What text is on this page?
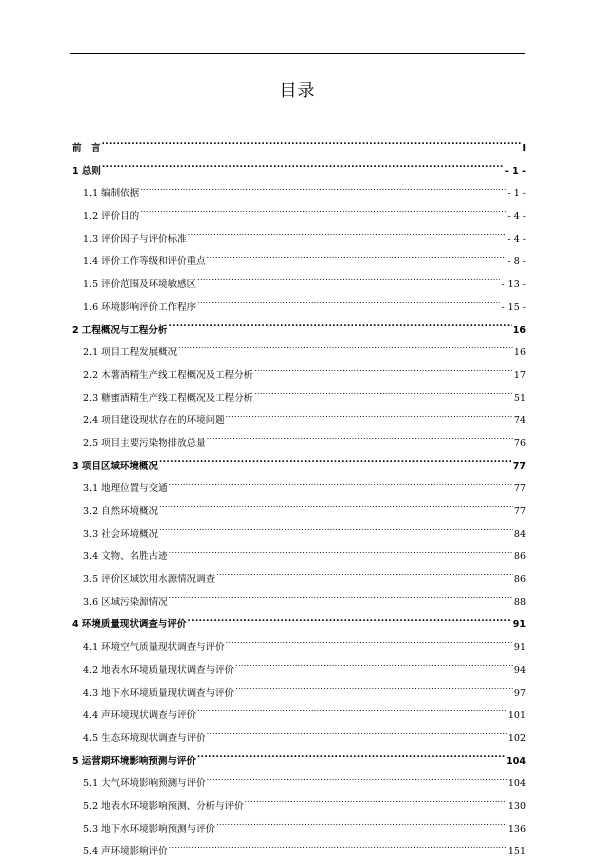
目录
前　言 .....	I
1 总则 .....	- 1 -
1.1 编制依据 .....	- 1 -
1.2 评价目的 .....	- 4 -
1.3 评价因子与评价标准 .....	- 4 -
1.4 评价工作等级和评价重点 .....	- 8 -
1.5 评价范围及环境敏感区 .....	- 13 -
1.6 环境影响评价工作程序 .....	- 15 -
2 工程概况与工程分析 .....	16
2.1 项目工程发展概况 .....	16
2.2 木薯酒精生产线工程概况及工程分析 .....	17
2.3 糖蜜酒精生产线工程概况及工程分析 .....	51
2.4 项目建设现状存在的环境问题 .....	74
2.5 项目主要污染物排放总量 .....	76
3 项目区域环境概况 .....	77
3.1 地理位置与交通 .....	77
3.2 自然环境概况 .....	77
3.3 社会环境概况 .....	84
3.4 文物、名胜古迹 .....	86
3.5 评价区域饮用水源情况调查 .....	86
3.6 区域污染源情况 .....	88
4 环境质量现状调查与评价 .....	91
4.1 环境空气质量现状调查与评价 .....	91
4.2 地表水环境质量现状调查与评价 .....	94
4.3 地下水环境质量现状调查与评价 .....	97
4.4 声环境现状调查与评价 .....	101
4.5 生态环境现状调查与评价 .....	102
5 运营期环境影响预测与评价 .....	104
5.1 大气环境影响预测与评价 .....	104
5.2 地表水环境影响预测、分析与评价 .....	130
5.3 地下水环境影响预测与评价 .....	136
5.4 声环境影响评价 .....	151
